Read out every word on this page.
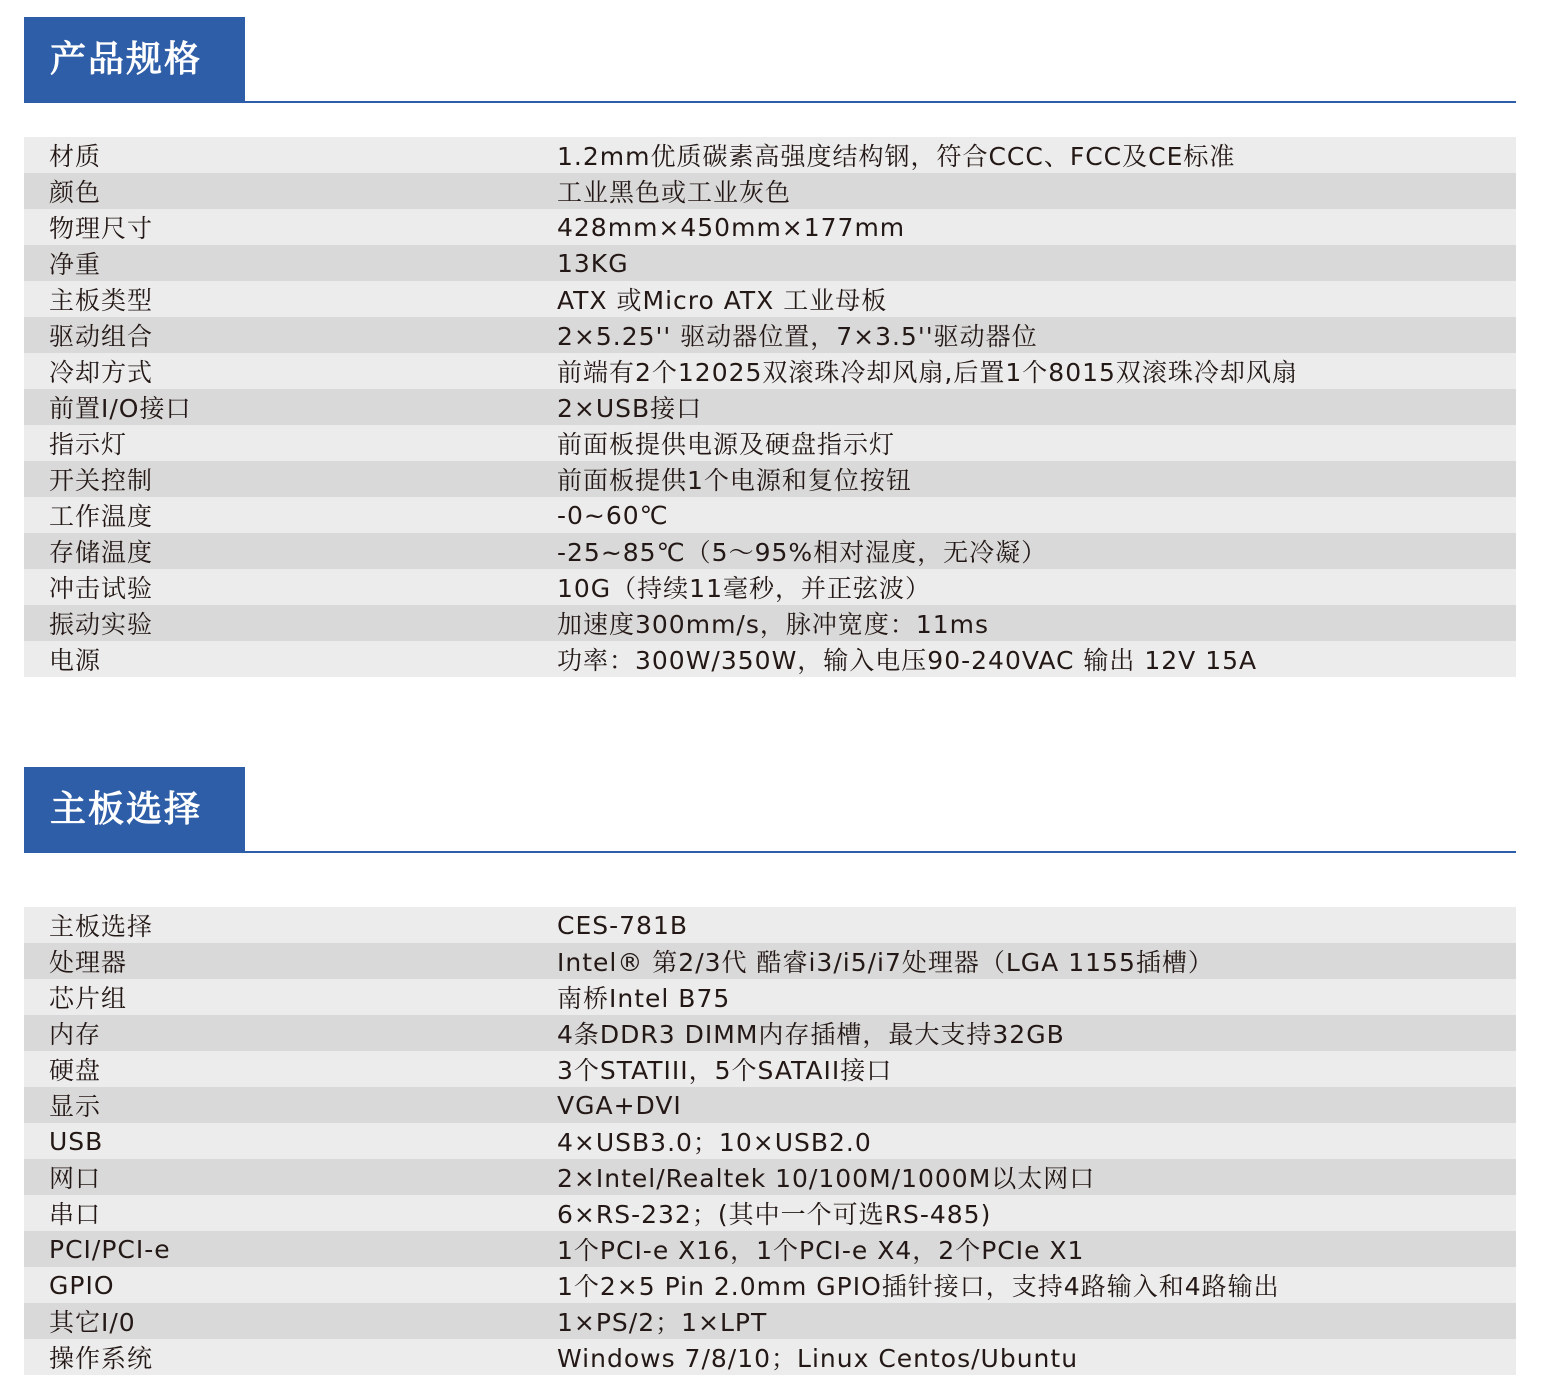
产品规格
材质	1.2mm优质碳素高强度结构钢，符合CCC、FCC及CE标准
颜色	工业黑色或工业灰色
物理尺寸	428mm×450mm×177mm
净重	13KG
主板类型	ATX 或Micro ATX 工业母板
驱动组合	2×5.25'' 驱动器位置，7×3.5''驱动器位
冷却方式	前端有2个12025双滚珠冷却风扇,后置1个8015双滚珠冷却风扇
前置I/O接口	2×USB接口
指示灯	前面板提供电源及硬盘指示灯
开关控制	前面板提供1个电源和复位按钮
工作温度	-0~60℃
存储温度	-25~85℃（5～95%相对湿度，无冷凝）
冲击试验	10G（持续11毫秒，并正弦波）
振动实验	加速度300mm/s，脉冲宽度：11ms
电源	功率：300W/350W，输入电压90-240VAC 输出 12V 15A
主板选择
主板选择	CES-781B
处理器	Intel® 第2/3代 酷睿i3/i5/i7处理器（LGA 1155插槽）
芯片组	南桥Intel B75
内存	4条DDR3 DIMM内存插槽，最大支持32GB
硬盘	3个STATIII，5个SATAII接口
显示	VGA+DVI
USB	4×USB3.0；10×USB2.0
网口	2×Intel/Realtek 10/100M/1000M以太网口
串口	6×RS-232；(其中一个可选RS-485)
PCI/PCI-e	1个PCI-e X16，1个PCI-e X4，2个PCIe X1
GPIO	1个2×5 Pin 2.0mm GPIO插针接口，支持4路输入和4路输出
其它I/0	1×PS/2；1×LPT
操作系统	Windows 7/8/10；Linux Centos/Ubuntu
